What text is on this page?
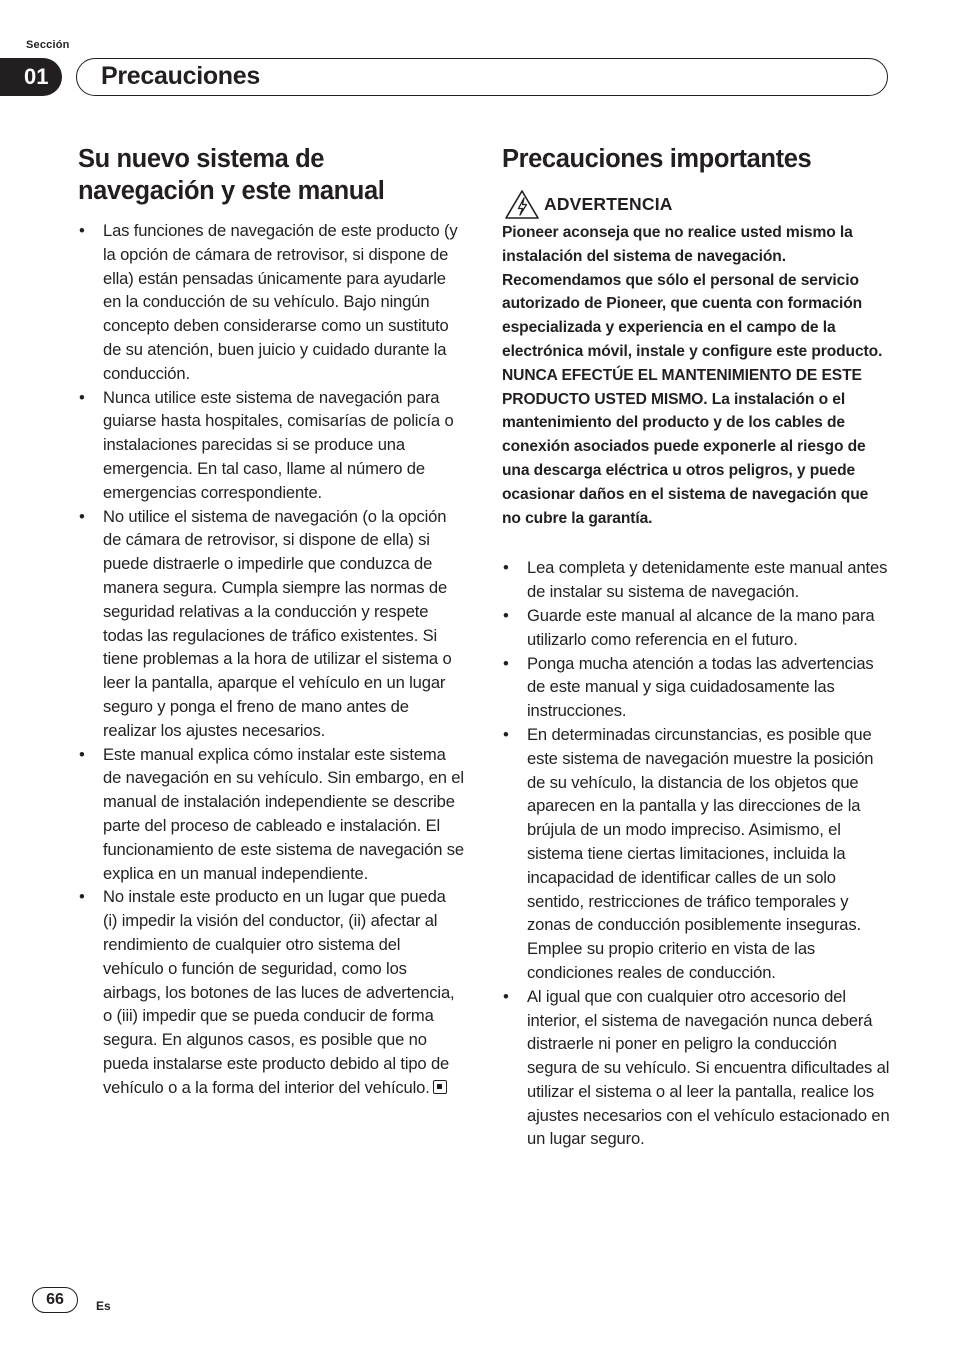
Sección
01	Precauciones
Su nuevo sistema de navegación y este manual
• Las funciones de navegación de este producto (y la opción de cámara de retrovisor, si dispone de ella) están pensadas únicamente para ayudarle en la conducción de su vehículo. Bajo ningún concepto deben considerarse como un sustituto de su atención, buen juicio y cuidado durante la conducción.
• Nunca utilice este sistema de navegación para guiarse hasta hospitales, comisarías de policía o instalaciones parecidas si se produce una emergencia. En tal caso, llame al número de emergencias correspondiente.
• No utilice el sistema de navegación (o la opción de cámara de retrovisor, si dispone de ella) si puede distraerle o impedirle que conduzca de manera segura. Cumpla siempre las normas de seguridad relativas a la conducción y respete todas las regulaciones de tráfico existentes. Si tiene problemas a la hora de utilizar el sistema o leer la pantalla, aparque el vehículo en un lugar seguro y ponga el freno de mano antes de realizar los ajustes necesarios.
• Este manual explica cómo instalar este sistema de navegación en su vehículo. Sin embargo, en el manual de instalación independiente se describe parte del proceso de cableado e instalación. El funcionamiento de este sistema de navegación se explica en un manual independiente.
• No instale este producto en un lugar que pueda (i) impedir la visión del conductor, (ii) afectar al rendimiento de cualquier otro sistema del vehículo o función de seguridad, como los airbags, los botones de las luces de advertencia, o (iii) impedir que se pueda conducir de forma segura. En algunos casos, es posible que no pueda instalarse este producto debido al tipo de vehículo o a la forma del interior del vehículo.
Precauciones importantes
ADVERTENCIA

Pioneer aconseja que no realice usted mismo la instalación del sistema de navegación. Recomendamos que sólo el personal de servicio autorizado de Pioneer, que cuenta con formación especializada y experiencia en el campo de la electrónica móvil, instale y configure este producto. NUNCA EFECTÚE EL MANTENIMIENTO DE ESTE PRODUCTO USTED MISMO. La instalación o el mantenimiento del producto y de los cables de conexión asociados puede exponerle al riesgo de una descarga eléctrica u otros peligros, y puede ocasionar daños en el sistema de navegación que no cubre la garantía.

• Lea completa y detenidamente este manual antes de instalar su sistema de navegación.
• Guarde este manual al alcance de la mano para utilizarlo como referencia en el futuro.
• Ponga mucha atención a todas las advertencias de este manual y siga cuidadosamente las instrucciones.
• En determinadas circunstancias, es posible que este sistema de navegación muestre la posición de su vehículo, la distancia de los objetos que aparecen en la pantalla y las direcciones de la brújula de un modo impreciso. Asimismo, el sistema tiene ciertas limitaciones, incluida la incapacidad de identificar calles de un solo sentido, restricciones de tráfico temporales y zonas de conducción posiblemente inseguras. Emplee su propio criterio en vista de las condiciones reales de conducción.
• Al igual que con cualquier otro accesorio del interior, el sistema de navegación nunca deberá distraerle ni poner en peligro la conducción segura de su vehículo. Si encuentra dificultades al utilizar el sistema o al leer la pantalla, realice los ajustes necesarios con el vehículo estacionado en un lugar seguro.
66	Es
